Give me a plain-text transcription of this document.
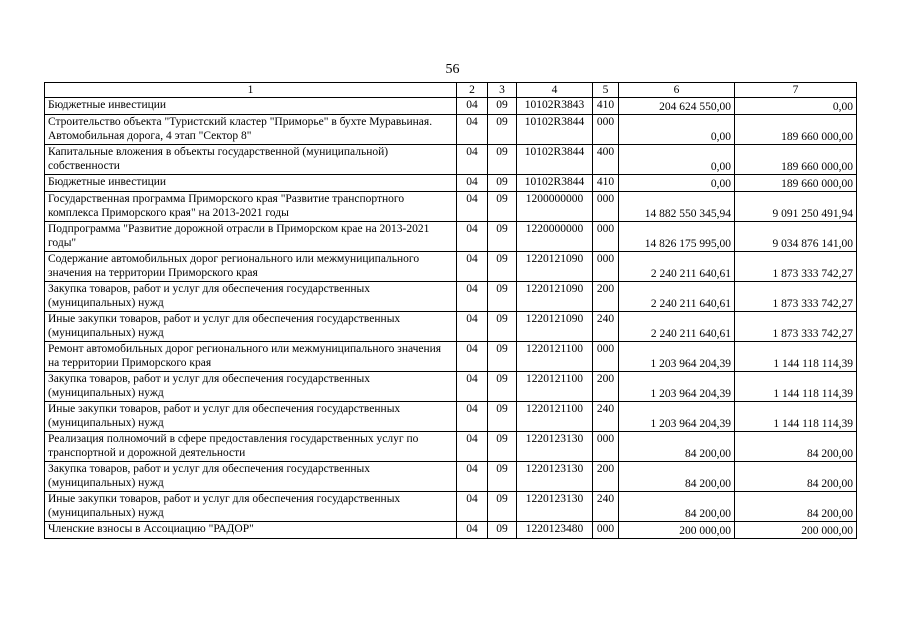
56
1	2	3	4	5	6	7
Бюджетные инвестиции	04	09	10102R3843	410	204 624 550,00	0,00
Строительство объекта "Туристский кластер "Приморье" в бухте Муравьиная. Автомобильная дорога, 4 этап "Сектор 8"	04	09	10102R3844	000	0,00	189 660 000,00
Капитальные вложения в объекты государственной (муниципальной) собственности	04	09	10102R3844	400	0,00	189 660 000,00
Бюджетные инвестиции	04	09	10102R3844	410	0,00	189 660 000,00
Государственная программа Приморского края "Развитие транспортного комплекса Приморского края" на 2013-2021 годы	04	09	1200000000	000	14 882 550 345,94	9 091 250 491,94
Подпрограмма "Развитие дорожной отрасли в Приморском крае на 2013-2021 годы"	04	09	1220000000	000	14 826 175 995,00	9 034 876 141,00
Содержание автомобильных дорог регионального или межмуниципального значения на территории Приморского края	04	09	1220121090	000	2 240 211 640,61	1 873 333 742,27
Закупка товаров, работ и услуг для обеспечения государственных (муниципальных) нужд	04	09	1220121090	200	2 240 211 640,61	1 873 333 742,27
Иные закупки товаров, работ и услуг для обеспечения государственных (муниципальных) нужд	04	09	1220121090	240	2 240 211 640,61	1 873 333 742,27
Ремонт автомобильных дорог регионального или межмуниципального значения на территории Приморского края	04	09	1220121100	000	1 203 964 204,39	1 144 118 114,39
Закупка товаров, работ и услуг для обеспечения государственных (муниципальных) нужд	04	09	1220121100	200	1 203 964 204,39	1 144 118 114,39
Иные закупки товаров, работ и услуг для обеспечения государственных (муниципальных) нужд	04	09	1220121100	240	1 203 964 204,39	1 144 118 114,39
Реализация полномочий в сфере предоставления государственных услуг по транспортной и дорожной деятельности	04	09	1220123130	000	84 200,00	84 200,00
Закупка товаров, работ и услуг для обеспечения государственных (муниципальных) нужд	04	09	1220123130	200	84 200,00	84 200,00
Иные закупки товаров, работ и услуг для обеспечения государственных (муниципальных) нужд	04	09	1220123130	240	84 200,00	84 200,00
Членские взносы в Ассоциацию "РАДОР"	04	09	1220123480	000	200 000,00	200 000,00
